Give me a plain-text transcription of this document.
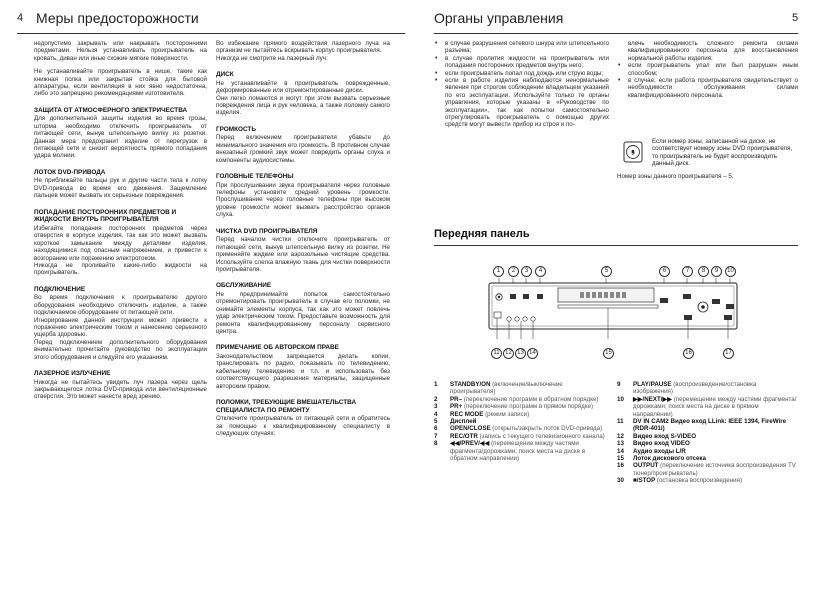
4 Меры предосторожности	Органы управления	5

недопустимо закрывать или накрывать посторонними предметами. Нельзя устанавливать проигрыватель на кровать, диван или иные схожие мягкие поверхности.

Не устанавливайте проигрыватель в нише, такие как книжная полка или закрытая стойка для бытовой аппаратуры, если вентиляция в них явно недостаточна, либо это запрещено рекомендациями изготовителя.

ЗАЩИТА ОТ АТМОСФЕРНОГО ЭЛЕКТРИЧЕСТВА

Для дополнительной защиты изделия во время грозы, шторма необходимо отключить проигрыватель от питающей сети, вынув штепсельную вилку из розетки. Данная мера предохранит изделие от перегрузок в питающей сети и снизит вероятность прямого попадания удара молнии.

ЛОТОК DVD-ПРИВОДА

Не приближайте пальцы рук и другие части тела к лотку DVD-привода во время его движения. Защемление пальцев может вызвать их серьезные повреждения.

ПОПАДАНИЕ ПОСТОРОННИХ ПРЕДМЕТОВ И ЖИДКОСТИ ВНУТРЬ ПРОИГРЫВАТЕЛЯ

Избегайте попадания посторонних предметов через отверстия в корпусе изделия, так как это может вызвать короткое замыкание между деталями изделия, находящимися под опасным напряжением, и привести к возгоранию или поражению электротоком.

Никогда не проливайте какие-либо жидкости на проигрыватель.

ПОДКЛЮЧЕНИЕ

Во время подключения к проигрывателю другого оборудования необходимо отключить изделие, а также подключаемое оборудование от питающей сети.

Игнорирование данной инструкции может привести к поражению электрическим током и нанесению серьезного ущерба здоровью.

Перед подключением дополнительного оборудования внимательно прочитайте руководство по эксплуатации этого оборудования и следуйте его указаниям.

ЛАЗЕРНОЕ ИЗЛУЧЕНИЕ

Никогда не пытайтесь увидеть луч лазера через щель закрывающегося лотка DVD-привода или вентиляционные отверстия. Это может нанести вред зрению.

Во избежание прямого воздействия лазерного луча на организм не пытайтесь вскрывать корпус проигрывателя.

Никогда не смотрите на лазерный луч.

ДИСК

Не устанавливайте в проигрыватель поврежденные, деформированные или отремонтированные диски.

Они легко ломаются и могут при этом вызвать серьезные повреждения лица и рук человека, а также поломку самого изделия.

ГРОМКОСТЬ

Перед включением проигрывателя убавьте до минимального значения его громкость. В противном случае внезапный громкий звук может повредить органы слуха и компоненты аудиосистемы.

ГОЛОВНЫЕ ТЕЛЕФОНЫ

При прослушивании звука проигрывателя через головные телефоны установите средний уровень громкости. Прослушивание через головные телефоны при высоком уровне громкости может вызвать расстройство органов слуха.

ЧИСТКА DVD ПРОИГРЫВАТЕЛЯ

Перед началом чистки отключите проигрыватель от питающей сети, вынув штепсельную вилку из розетки. Не применяйте жидкие или аэрозольные чистящие средства. Используйте слегка влажную ткань для чистки поверхности проигрывателя.

ОБСЛУЖИВАНИЕ

Не предпринимайте попыток самостоятельно отремонтировать проигрыватель в случае его поломки, не снимайте элементы корпуса, так как это может повлечь удар электрическим током. Предоставьте возможность для ремонта квалифицированному персоналу сервисного центра.

ПРИМЕЧАНИЕ ОБ АВТОРСКОМ ПРАВЕ

Законодательством запрещается делать копии, транслировать по радио, показывать по телевидению, кабельному телевидению и т.п. и использовать без соответствующего разрешения материалы, защищенные авторским правом.

ПОЛОМКИ, ТРЕБУЮЩИЕ ВМЕШАТЕЛЬСТВА СПЕЦИАЛИСТА ПО РЕМОНТУ

Отключите проигрыватель от питающей сети и обратитесь за помощью к квалифицированному специалисту в следующих случаях:

• в случае разрушения сетевого шнура или штепсельного разъема;
• в случае пролития жидкости на проигрыватель или попадания посторонних предметов внутрь него;
• если проигрыватель попал под дождь или струю воды;
• если в работе изделия наблюдаются ненормальные явления при строгом соблюдении владельцем указаний по его эксплуатации. Используйте только те органы управления, которые указаны в «Руководстве по эксплуатации», так как попытки самостоятельно отрегулировать проигрыватель с помощью других средств могут вывести прибор из строя и по-

влечь необходимость сложного ремонта силами квалифицированного персонала для восстановления нормальной работы изделия;

• если проигрыватель упал или был разрушен иным способом;
• в случае, если работа проигрывателя свидетельствует о необходимости обслуживания силами квалифицированного персонала.
5
Если номер зоны, записанной на диске, не соответствует номеру зоны DVD проигрывателя, то проигрыватель не будет воспроизводить данный диск.
Номер зоны данного проигрывателя – 5.
Передняя панель
1	2	3	4	5	6	7	8	9	10
11 12 13 14	15	16	17
1	STANDBY/ON (включение/выключение проигрывателя)
2	PR– (переключение программ в обратном порядке)
3	PR+ (переключение программ в прямом порядке)
4	REC MODE (режим записи)
5	Дисплей
6	OPEN/CLOSE (открыть/закрыть лоток DVD-привода)
7	REC/OTR (запись с текущего телевизионного канала)
8	◀◀/PREV/◀◀ (перемещение между частями фрагмента/дорожками; поиск места на диске в обратном направлении)
9	PLAY/PAUSE (воспроизведение/остановка изображения)
10	▶▶/NEXT/▶▶ (перемещение между частями фрагмента/дорожками; поиск места на диске в прямом направлении)
11	DV IN CAM2 Видео вход LLink: IEEE 1394, FireWire (RDR-401i)
12	Видео вход S-VIDEO
13	Видео вход VIDEO
14	Аудио входы L/R
15	Лоток дискового отсека
16	OUTPUT (переключение источника воспроизведения TV тюнер/проигрыватель)
30	■/STOP (остановка воспроизведения)
